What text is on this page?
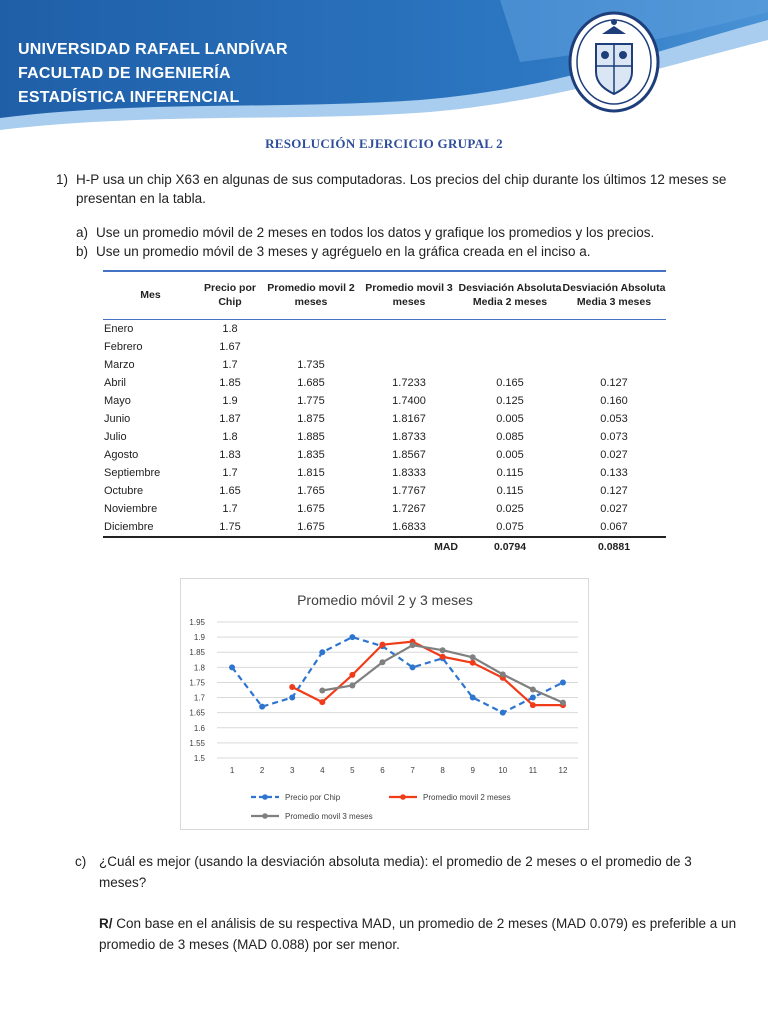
UNIVERSIDAD RAFAEL LANDÍVAR
FACULTAD DE INGENIERÍA
ESTADÍSTICA INFERENCIAL
RESOLUCIÓN EJERCICIO GRUPAL 2
1) H-P usa un chip X63 en algunas de sus computadoras. Los precios del chip durante los últimos 12 meses se presentan en la tabla.
a) Use un promedio móvil de 2 meses en todos los datos y grafique los promedios y los precios.
b) Use un promedio móvil de 3 meses y agréguelo en la gráfica creada en el inciso a.
Mes	Precio por Chip	Promedio movil 2 meses	Promedio movil 3 meses	Desviación Absoluta Media 2 meses	Desviación Absoluta Media 3 meses
Enero	1.8				
Febrero	1.67				
Marzo	1.7	1.735			
Abril	1.85	1.685	1.7233	0.165	0.127
Mayo	1.9	1.775	1.7400	0.125	0.160
Junio	1.87	1.875	1.8167	0.005	0.053
Julio	1.8	1.885	1.8733	0.085	0.073
Agosto	1.83	1.835	1.8567	0.005	0.027
Septiembre	1.7	1.815	1.8333	0.115	0.133
Octubre	1.65	1.765	1.7767	0.115	0.127
Noviembre	1.7	1.675	1.7267	0.025	0.027
Diciembre	1.75	1.675	1.6833	0.075	0.067
			MAD	0.0794	0.0881
Promedio móvil 2 y 3 meses
1.5
1.55
1.6
1.65
1.7
1.75
1.8
1.85
1.9
1.95
1	2	3	4	5	6	7	8	9	10	11	12
Precio por Chip	Promedio movil 2 meses
Promedio movil 3 meses
c) ¿Cuál es mejor (usando la desviación absoluta media): el promedio de 2 meses o el promedio de 3 meses?
R/ Con base en el análisis de su respectiva MAD, un promedio de 2 meses (MAD 0.079) es preferible a un promedio de 3 meses (MAD 0.088) por ser menor.
